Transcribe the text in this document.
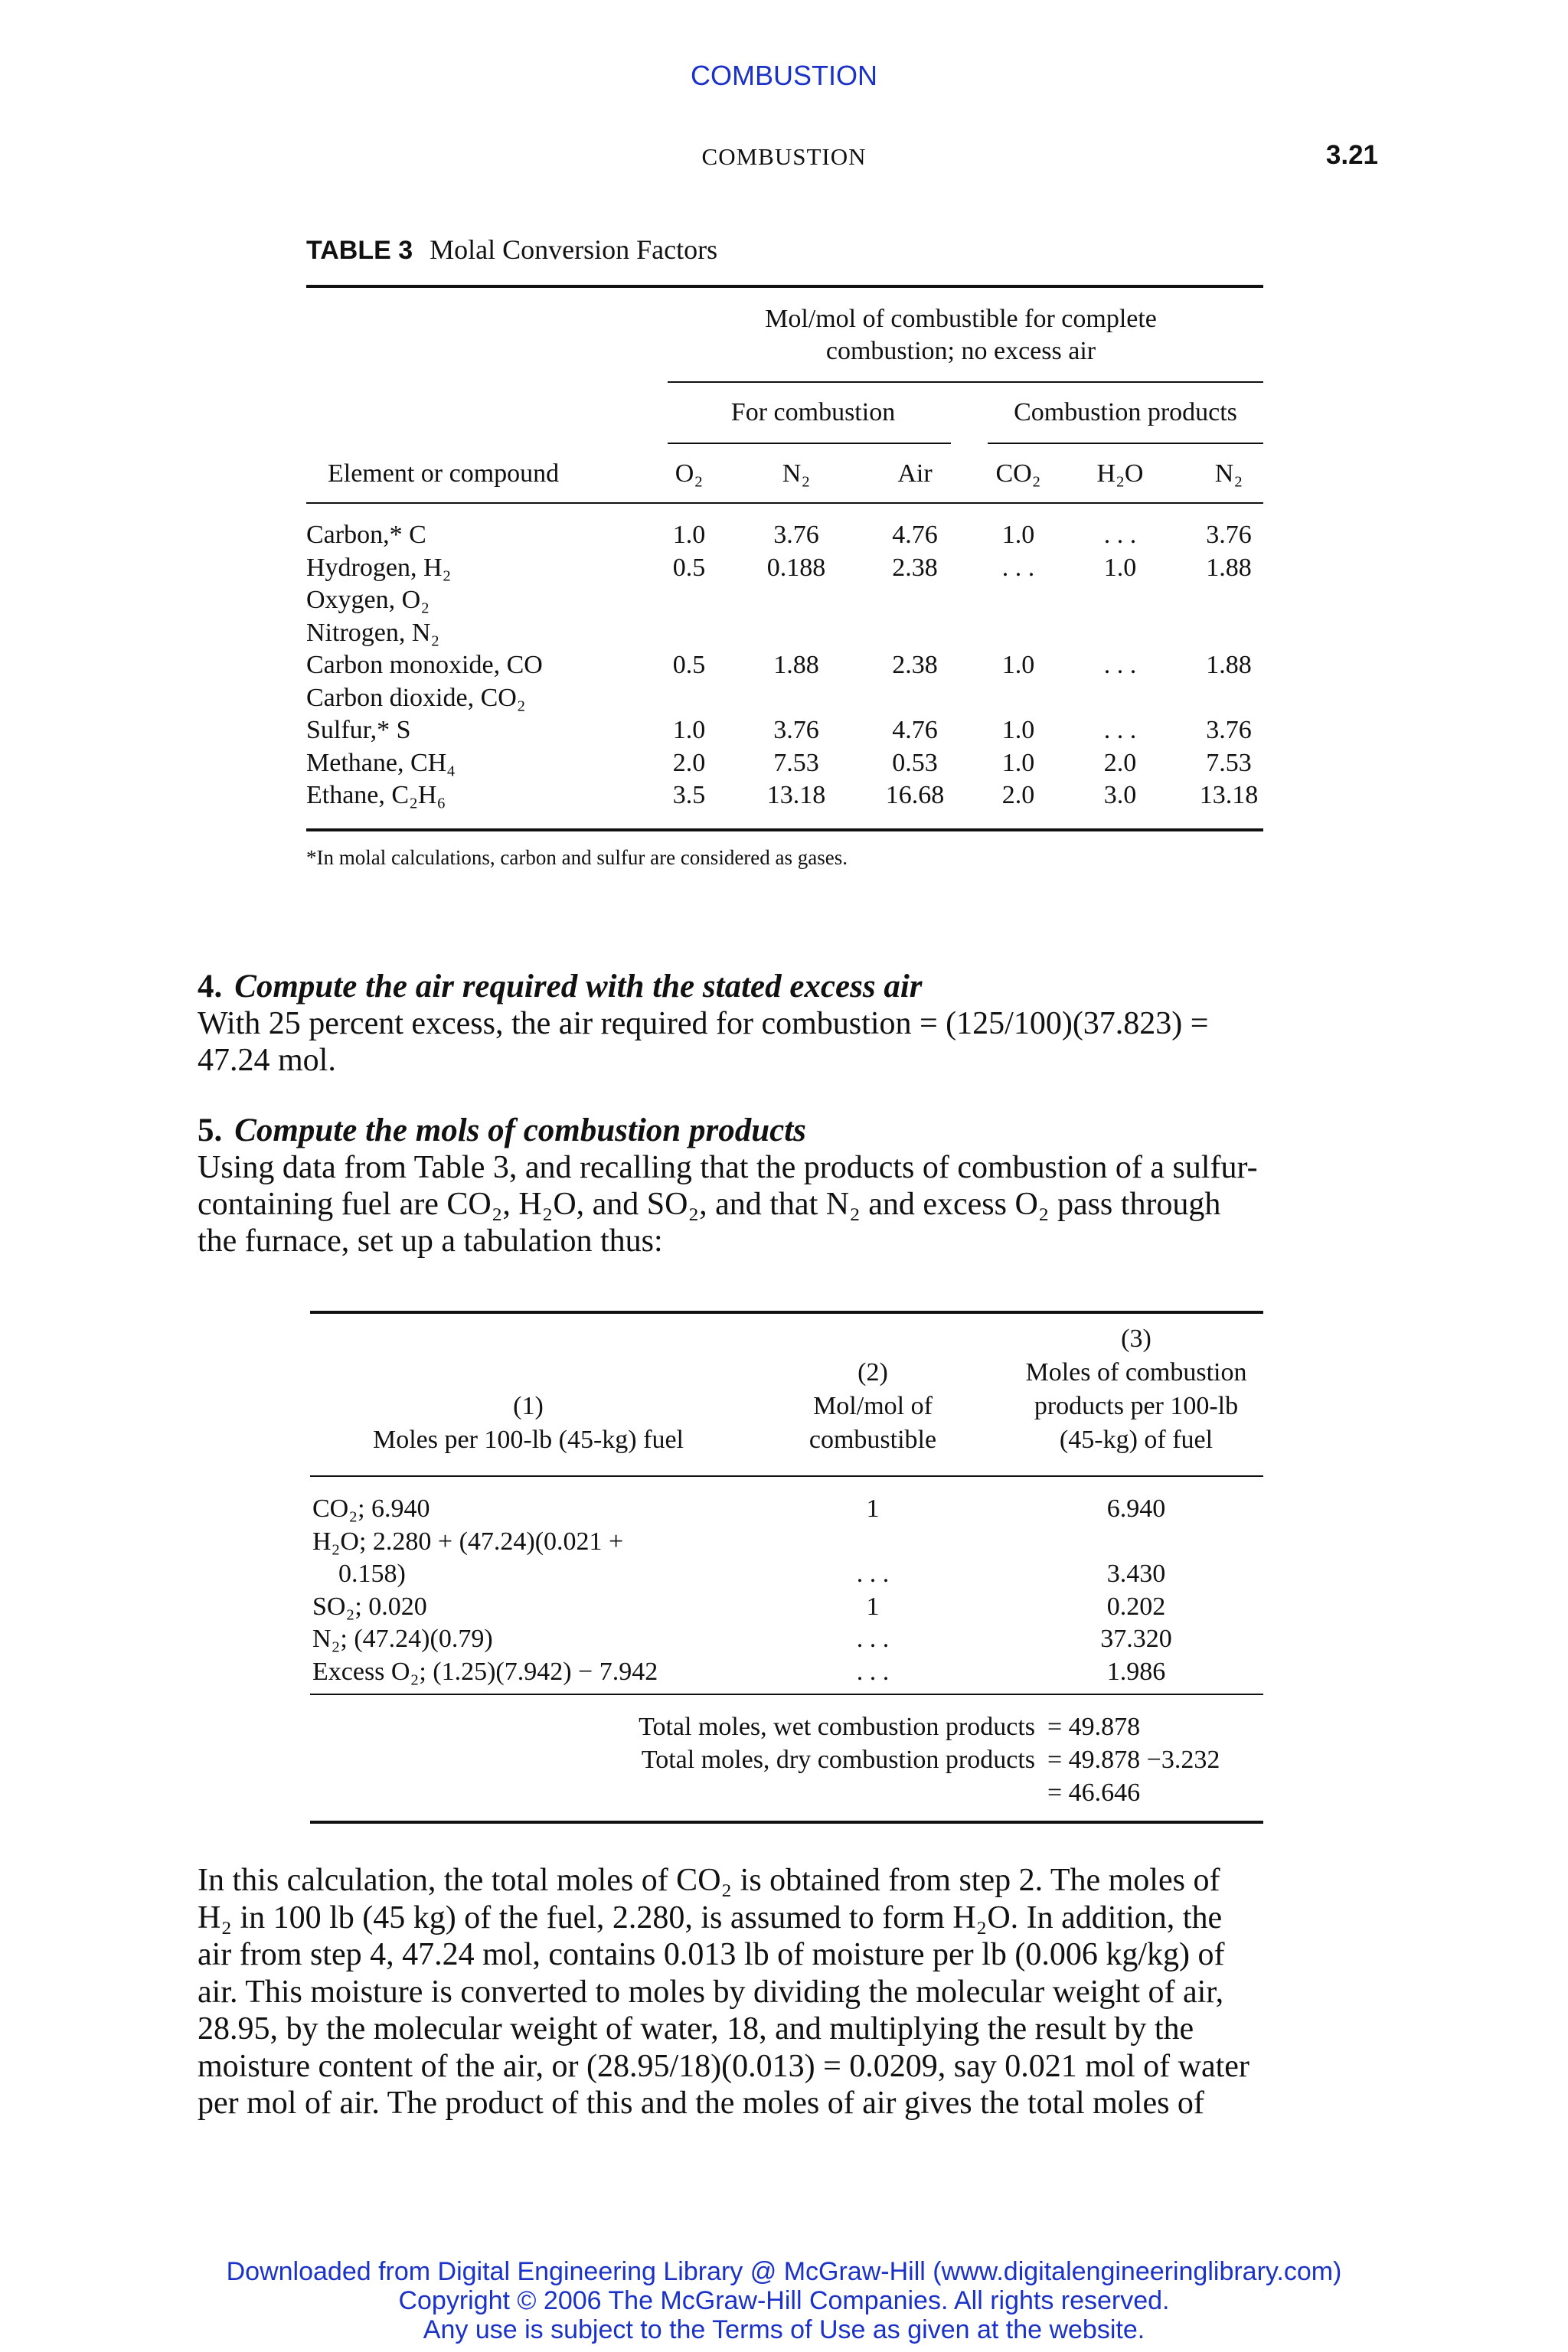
COMBUSTION
COMBUSTION	3.21
TABLE 3 Molal Conversion Factors
Mol/mol of combustible for complete
combustion; no excess air
For combustion	Combustion products
Element or compound	O₂	N₂	Air	CO₂	H₂O	N₂
Carbon,* C	1.0	3.76	4.76	1.0	. . .	3.76
Hydrogen, H₂	0.5	0.188	2.38	. . .	1.0	1.88
Oxygen, O₂
Nitrogen, N₂
Carbon monoxide, CO	0.5	1.88	2.38	1.0	. . .	1.88
Carbon dioxide, CO₂
Sulfur,* S	1.0	3.76	4.76	1.0	. . .	3.76
Methane, CH₄	2.0	7.53	0.53	1.0	2.0	7.53
Ethane, C₂H₆	3.5	13.18	16.68	2.0	3.0	13.18
*In molal calculations, carbon and sulfur are considered as gases.
4. Compute the air required with the stated excess air
With 25 percent excess, the air required for combustion = (125/100)(37.823) =
47.24 mol.
5. Compute the mols of combustion products
Using data from Table 3, and recalling that the products of combustion of a sulfur-
containing fuel are CO₂, H₂O, and SO₂, and that N₂ and excess O₂ pass through
the furnace, set up a tabulation thus:
(1)
Moles per 100-lb (45-kg) fuel
(2)
Mol/mol of
combustible
(3)
Moles of combustion
products per 100-lb
(45-kg) of fuel
CO₂; 6.940	1	6.940
H₂O; 2.280 + (47.24)(0.021 +
0.158)	. . .	3.430
SO₂; 0.020	1	0.202
N₂; (47.24)(0.79)	. . .	37.320
Excess O₂; (1.25)(7.942) − 7.942	. . .	1.986
Total moles, wet combustion products = 49.878
Total moles, dry combustion products = 49.878 −3.232
= 46.646
In this calculation, the total moles of CO₂ is obtained from step 2. The moles of
H₂ in 100 lb (45 kg) of the fuel, 2.280, is assumed to form H₂O. In addition, the
air from step 4, 47.24 mol, contains 0.013 lb of moisture per lb (0.006 kg/kg) of
air. This moisture is converted to moles by dividing the molecular weight of air,
28.95, by the molecular weight of water, 18, and multiplying the result by the
moisture content of the air, or (28.95/18)(0.013) = 0.0209, say 0.021 mol of water
per mol of air. The product of this and the moles of air gives the total moles of
Downloaded from Digital Engineering Library @ McGraw-Hill (www.digitalengineeringlibrary.com)
Copyright © 2006 The McGraw-Hill Companies. All rights reserved.
Any use is subject to the Terms of Use as given at the website.
